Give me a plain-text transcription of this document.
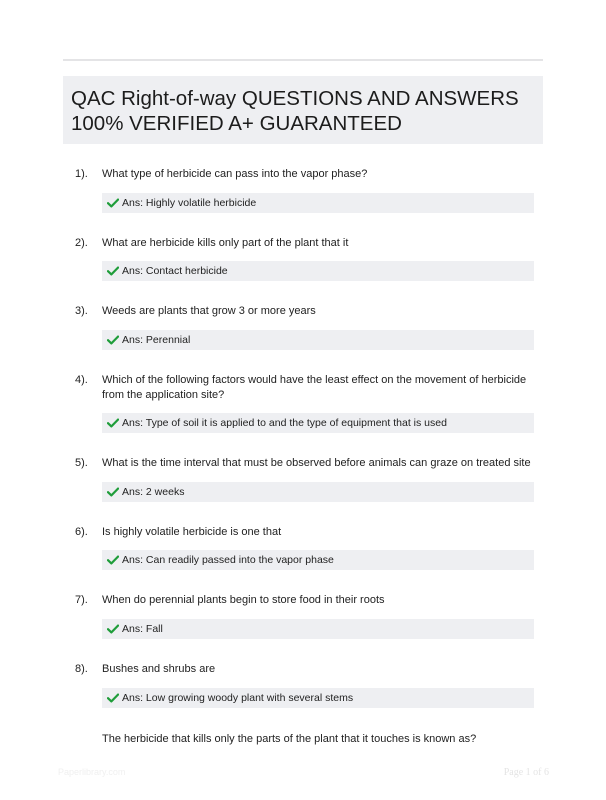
QAC Right-of-way QUESTIONS AND ANSWERS
100% VERIFIED A+ GUARANTEED
1). What type of herbicide can pass into the vapor phase?
Ans: Highly volatile herbicide
2). What are herbicide kills only part of the plant that it
Ans: Contact herbicide
3). Weeds are plants that grow 3 or more years
Ans: Perennial
4). Which of the following factors would have the least effect on the movement of herbicide from the application site?
Ans: Type of soil it is applied to and the type of equipment that is used
5). What is the time interval that must be observed before animals can graze on treated site
Ans: 2 weeks
6). Is highly volatile herbicide is one that
Ans: Can readily passed into the vapor phase
7). When do perennial plants begin to store food in their roots
Ans: Fall
8). Bushes and shrubs are
Ans: Low growing woody plant with several stems
The herbicide that kills only the parts of the plant that it touches is known as?
Paperlibrary.com	Page 1 of 6
